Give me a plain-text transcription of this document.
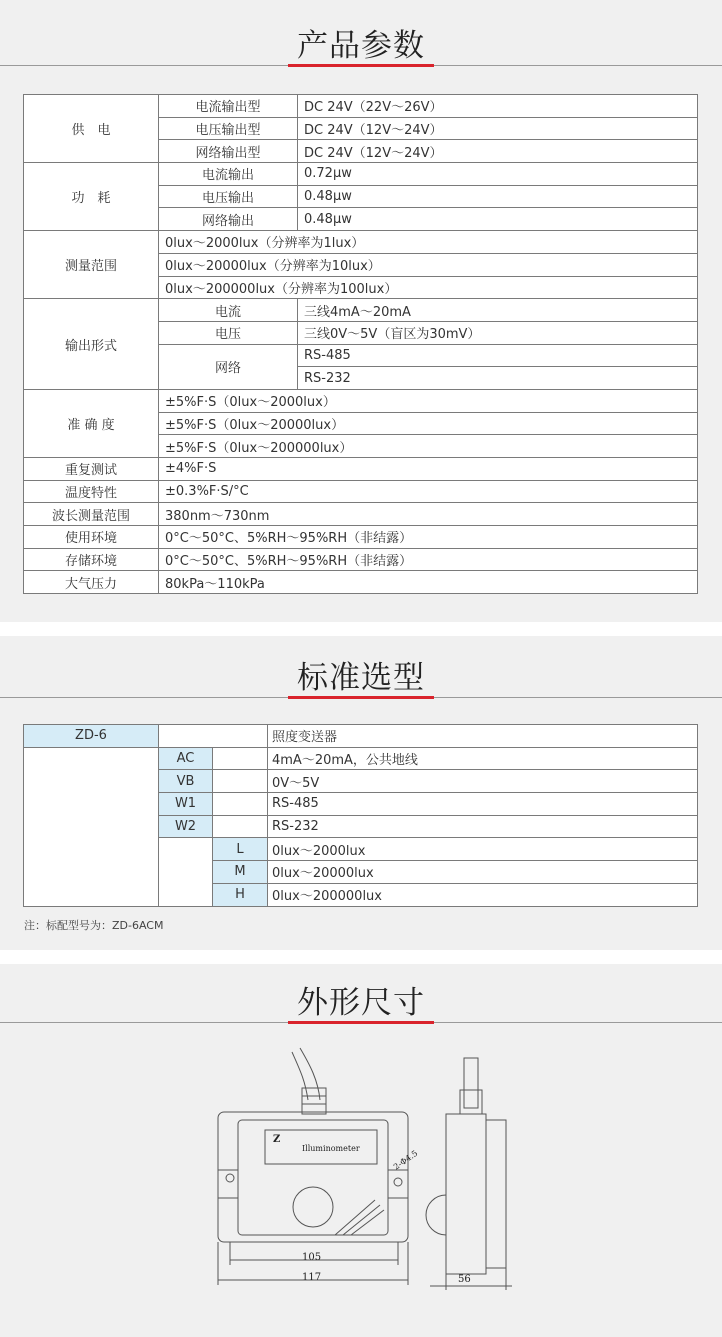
产品参数
供　电	电流输出型	DC 24V（22V～26V）
	电压输出型	DC 24V（12V～24V）
	网络输出型	DC 24V（12V～24V）
功　耗	电流输出	0.72μw
	电压输出	0.48μw
	网络输出	0.48μw
测量范围	0lux～2000lux（分辨率为1lux）	
	0lux～20000lux（分辨率为10lux）	
	0lux～200000lux（分辨率为100lux）	
输出形式	电流	三线4mA～20mA
	电压	三线0V～5V（盲区为30mV）
	网络	RS-485
		RS-232
准 确 度	±5%F·S（0lux～2000lux）	
	±5%F·S（0lux～20000lux）	
	±5%F·S（0lux～200000lux）	
重复测试	±4%F·S	
温度特性	±0.3%F·S/°C	
波长测量范围	380nm～730nm	
使用环境	0°C～50°C、5%RH～95%RH（非结露）	
存储环境	0°C～50°C、5%RH～95%RH（非结露）	
大气压力	80kPa～110kPa	
标准选型
ZD-6			照度变送器
	AC		4mA～20mA，公共地线
	VB		0V～5V
	W1		RS-485
	W2		RS-232
		L	0lux～2000lux
		M	0lux～20000lux
		H	0lux～200000lux
注：标配型号为：ZD-6ACM
外形尺寸
Z
Illuminometer
105
117	56
2-Φ4.5
